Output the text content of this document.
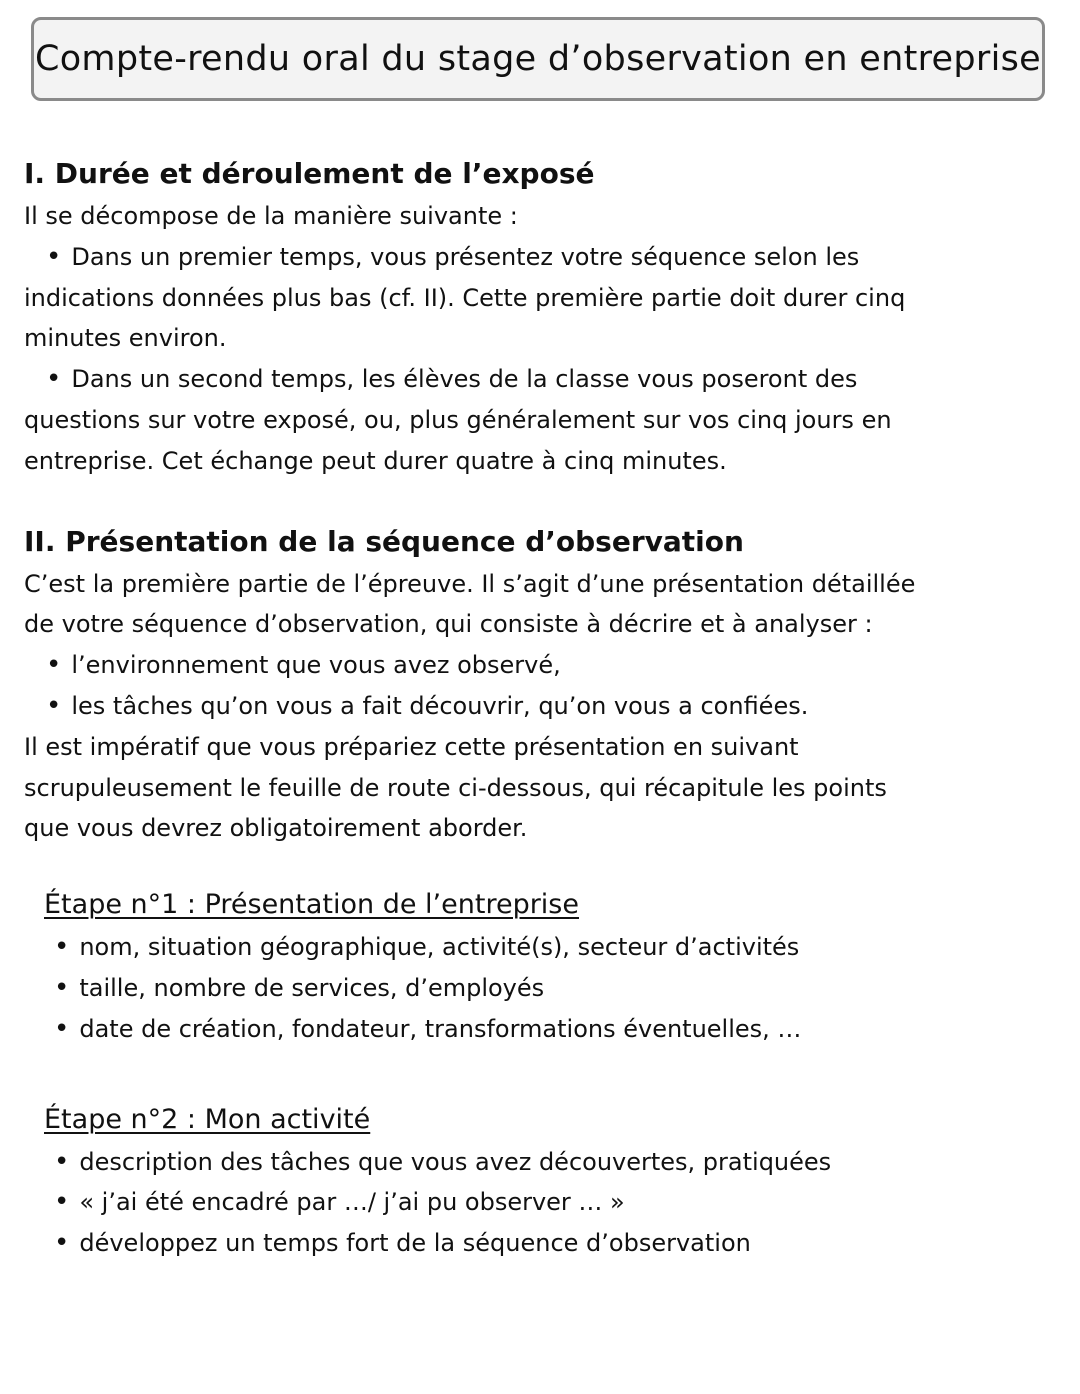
Compte-rendu oral du stage d’observation en entreprise
I. Durée et déroulement de l’exposé

Il se décompose de la manière suivante :

• Dans un premier temps, vous présentez votre séquence selon les

indications données plus bas (cf. II). Cette première partie doit durer cinq

minutes environ.

• Dans un second temps, les élèves de la classe vous poseront des

questions sur votre exposé, ou, plus généralement sur vos cinq jours en

entreprise. Cet échange peut durer quatre à cinq minutes.

II. Présentation de la séquence d’observation

C’est la première partie de l’épreuve. Il s’agit d’une présentation détaillée

de votre séquence d’observation, qui consiste à décrire et à analyser :

• l’environnement que vous avez observé,
• les tâches qu’on vous a fait découvrir, qu’on vous a confiées.

Il est impératif que vous prépariez cette présentation en suivant

scrupuleusement le feuille de route ci-dessous, qui récapitule les points

que vous devrez obligatoirement aborder.

Étape n°1 : Présentation de l’entreprise
• nom, situation géographique, activité(s), secteur d’activités
• taille, nombre de services, d’employés
• date de création, fondateur, transformations éventuelles, …
Étape n°2 : Mon activité
• description des tâches que vous avez découvertes, pratiquées
• « j’ai été encadré par …/ j’ai pu observer … »
• développez un temps fort de la séquence d’observation
